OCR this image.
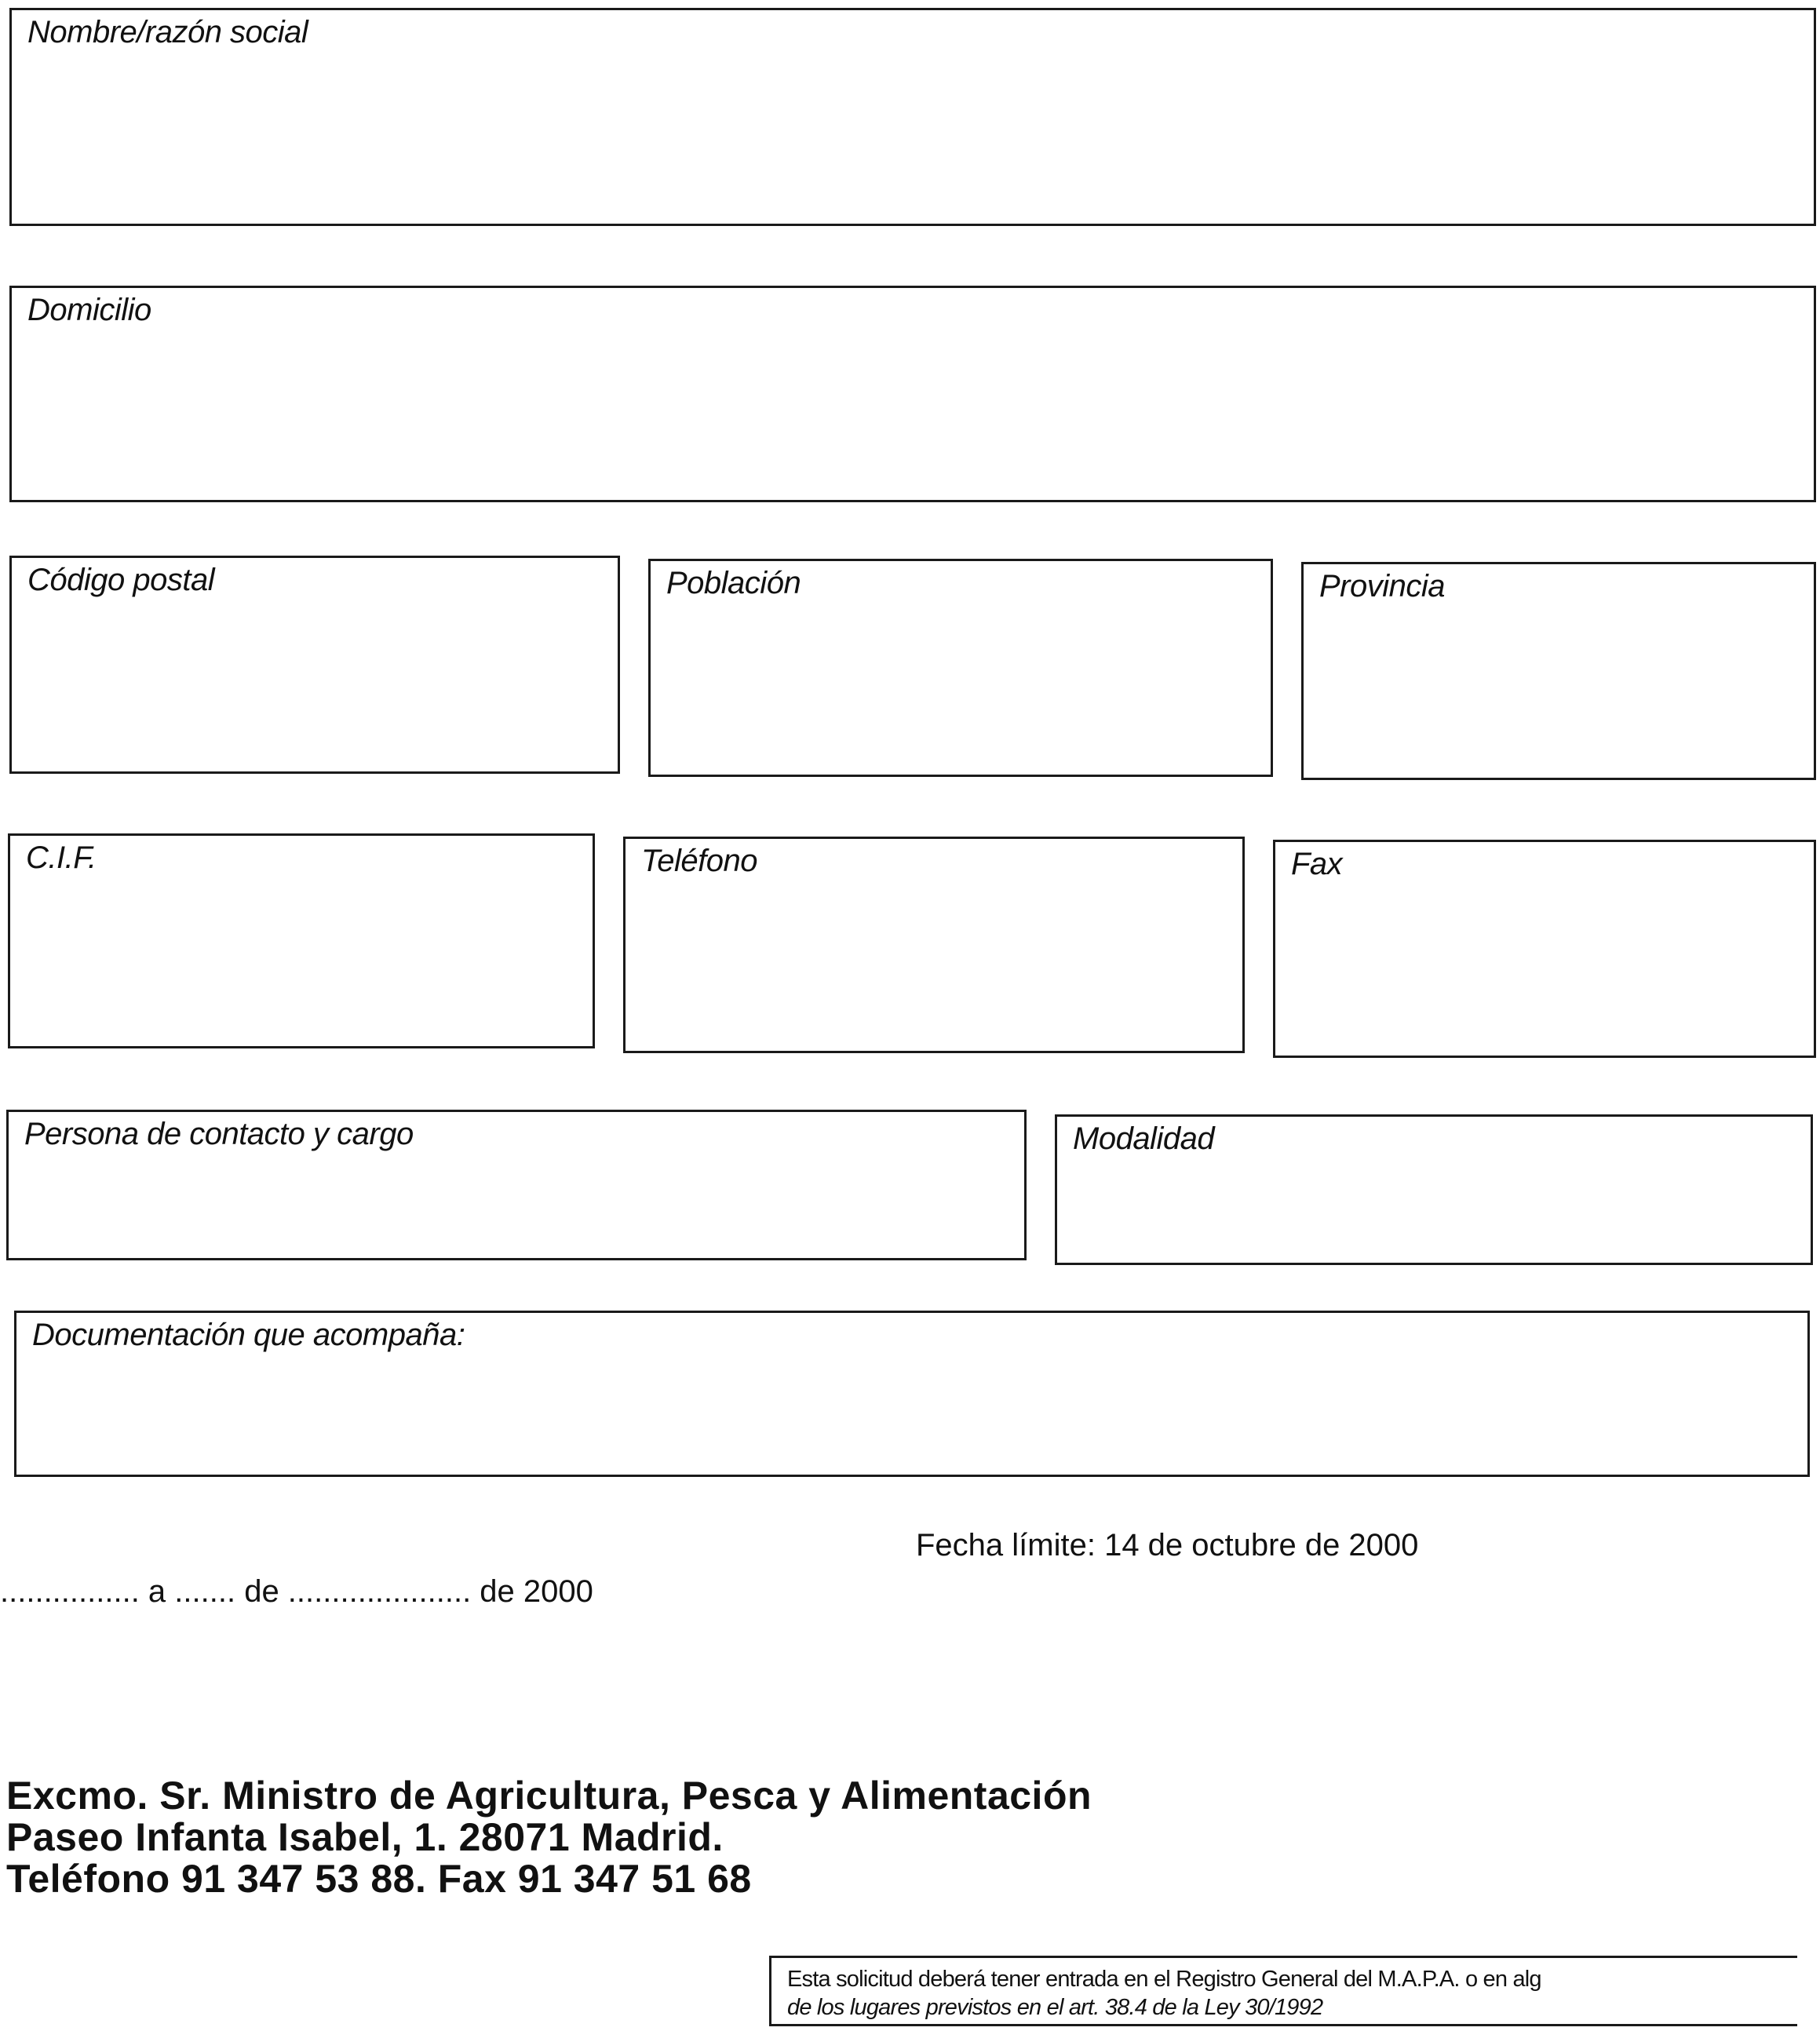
Nombre/razón social
Domicilio
Código postal	Población	Provincia
C.I.F.	Teléfono	Fax
Persona de contacto y cargo	Modalidad
Documentación que acompaña:
Fecha límite: 14 de octubre de 2000
................ a ....... de ..................... de 2000
Excmo. Sr. Ministro de Agricultura, Pesca y Alimentación
Paseo Infanta Isabel, 1. 28071 Madrid.
Teléfono 91 347 53 88. Fax 91 347 51 68
Esta solicitud deberá tener entrada en el Registro General del M.A.P.A. o en alg
de los lugares previstos en el art. 38.4 de la Ley 30/1992
